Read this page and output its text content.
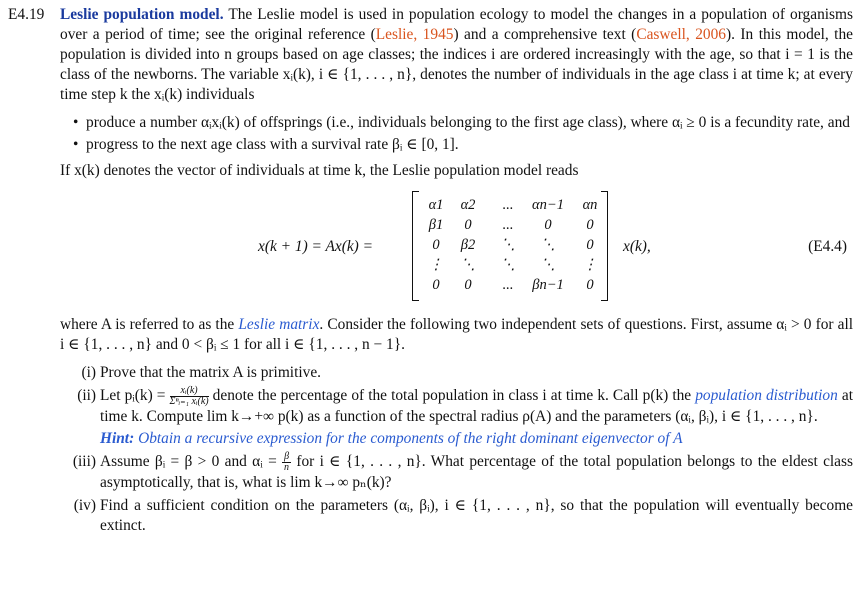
E4.19 Leslie population model. The Leslie model is used in population ecology to model the changes in a population of organisms over a period of time; see the original reference (Leslie, 1945) and a comprehensive text (Caswell, 2006). In this model, the population is divided into n groups based on age classes; the indices i are ordered increasingly with the age, so that i = 1 is the class of the newborns. The variable xᵢ(k), i ∈ {1, . . . , n}, denotes the number of individuals in the age class i at time k; at every time step k the xᵢ(k) individuals
• produce a number αᵢxᵢ(k) of offsprings (i.e., individuals belonging to the first age class), where αᵢ ≥ 0 is a fecundity rate, and
• progress to the next age class with a survival rate βᵢ ∈ [0, 1].
If x(k) denotes the vector of individuals at time k, the Leslie population model reads
x(k + 1) = Ax(k) =
α1	α2	...	αn−1	αn
β1	0	...	0	0
0	β2	⋱	⋱	0
⋮	⋱	⋱	⋱	⋮
0	0	...	βn−1	0
x(k),	(E4.4)
where A is referred to as the Leslie matrix. Consider the following two independent sets of questions. First, assume αᵢ > 0 for all i ∈ {1, . . . , n} and 0 < βᵢ ≤ 1 for all i ∈ {1, . . . , n − 1}.
(i) Prove that the matrix A is primitive.
(ii) Let pᵢ(k) = $\frac{\text{xᵢ(k)}}{\text{Σⁿᵢ₌₁ xᵢ(k)}}$ denote the percentage of the total population in class i at time k. Call p(k) the population distribution at time k. Compute lim k→+∞ p(k) as a function of the spectral radius ρ(A) and the parameters (αᵢ, βᵢ), i ∈ {1, . . . , n}.
Hint: Obtain a recursive expression for the components of the right dominant eigenvector of A
(iii) Assume βᵢ = β > 0 and αᵢ = $\frac{\beta}{n}$ for i ∈ {1, . . . , n}. What percentage of the total population belongs to the eldest class asymptotically, that is, what is lim k→∞ pₙ(k)?
(iv) Find a sufficient condition on the parameters (αᵢ, βᵢ), i ∈ {1, . . . , n}, so that the population will eventually become extinct.
